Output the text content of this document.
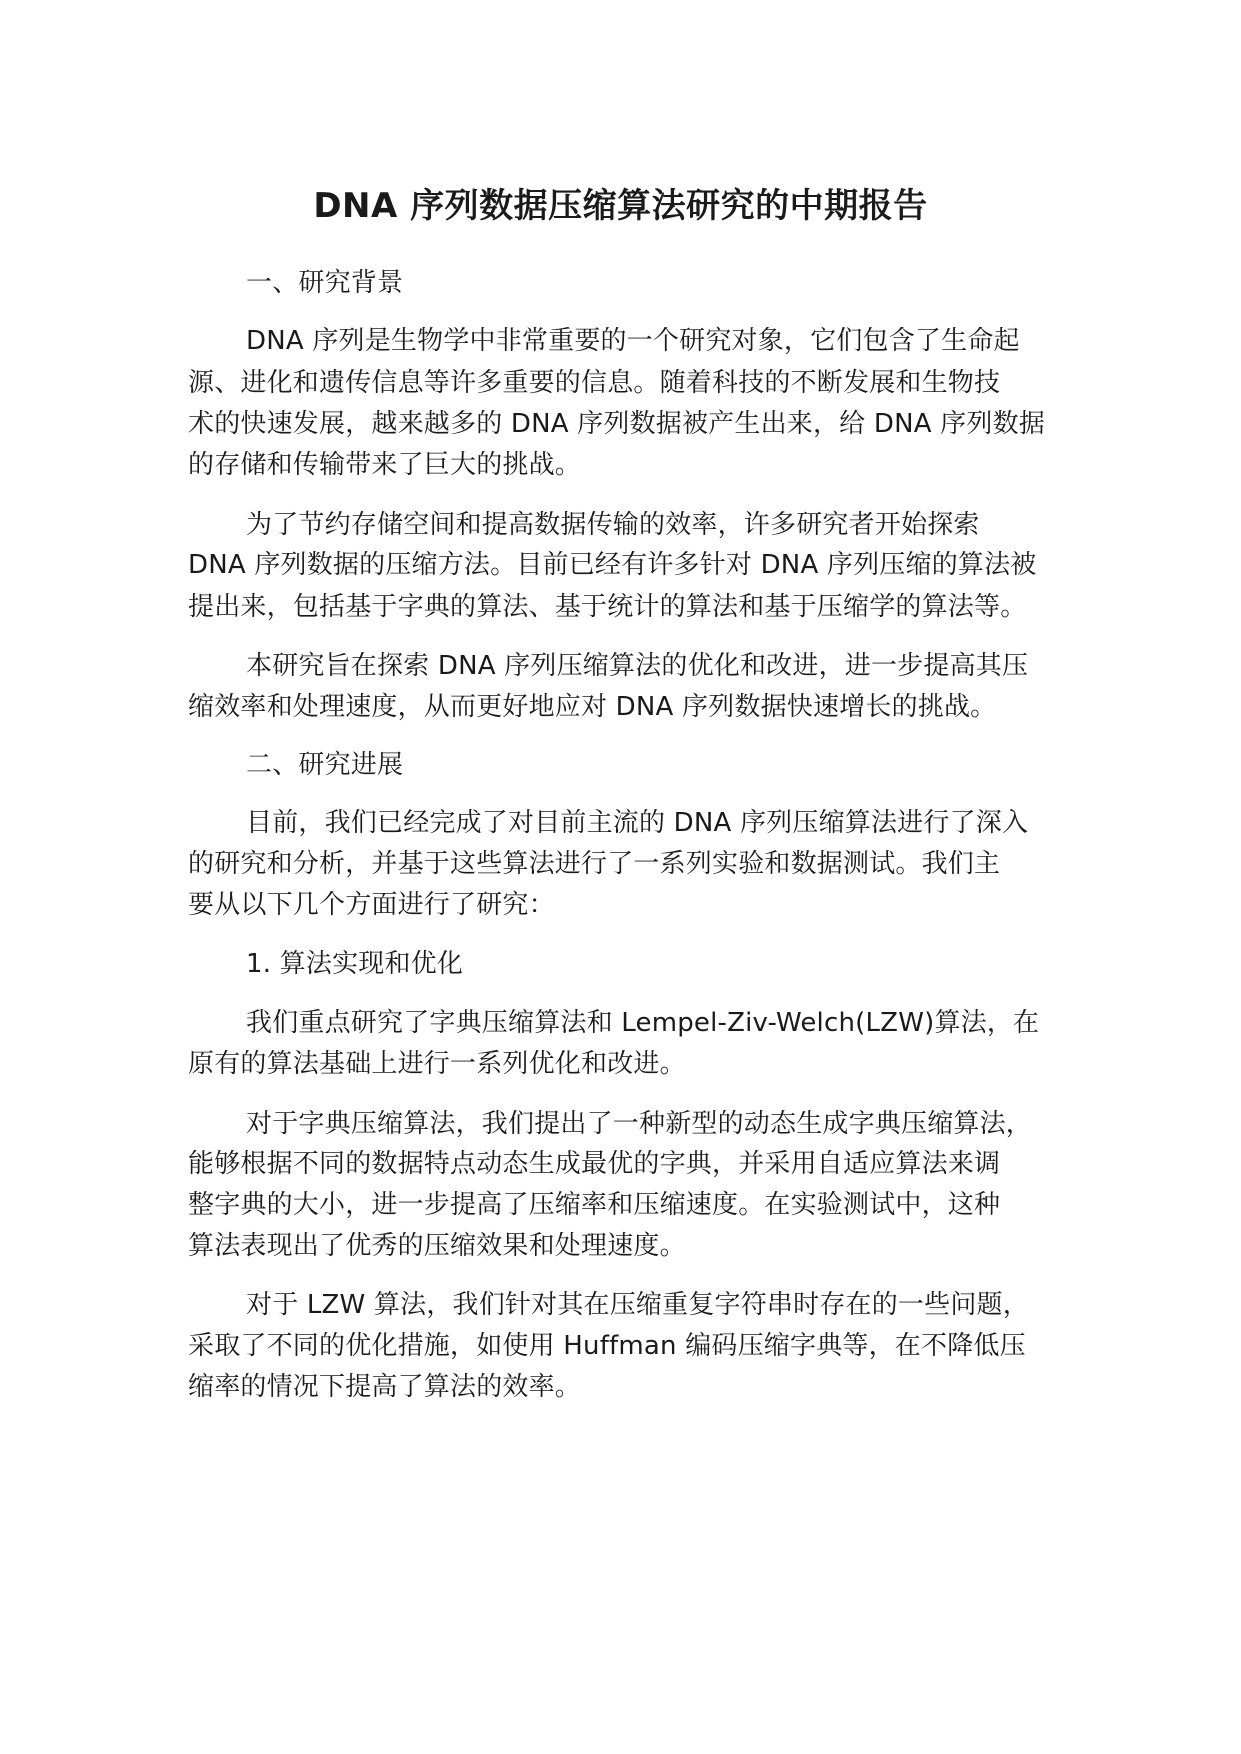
DNA 序列数据压缩算法研究的中期报告
一、研究背景
DNA 序列是生物学中非常重要的一个研究对象，它们包含了生命起
源、进化和遗传信息等许多重要的信息。随着科技的不断发展和生物技
术的快速发展，越来越多的 DNA 序列数据被产生出来，给 DNA 序列数据
的存储和传输带来了巨大的挑战。
为了节约存储空间和提高数据传输的效率，许多研究者开始探索
DNA 序列数据的压缩方法。目前已经有许多针对 DNA 序列压缩的算法被
提出来，包括基于字典的算法、基于统计的算法和基于压缩学的算法等。
本研究旨在探索 DNA 序列压缩算法的优化和改进，进一步提高其压
缩效率和处理速度，从而更好地应对 DNA 序列数据快速增长的挑战。
二、研究进展
目前，我们已经完成了对目前主流的 DNA 序列压缩算法进行了深入
的研究和分析，并基于这些算法进行了一系列实验和数据测试。我们主
要从以下几个方面进行了研究：
1. 算法实现和优化
我们重点研究了字典压缩算法和 Lempel-Ziv-Welch(LZW)算法，在
原有的算法基础上进行一系列优化和改进。
对于字典压缩算法，我们提出了一种新型的动态生成字典压缩算法，
能够根据不同的数据特点动态生成最优的字典，并采用自适应算法来调
整字典的大小，进一步提高了压缩率和压缩速度。在实验测试中，这种
算法表现出了优秀的压缩效果和处理速度。
对于 LZW 算法，我们针对其在压缩重复字符串时存在的一些问题，
采取了不同的优化措施，如使用 Huffman 编码压缩字典等，在不降低压
缩率的情况下提高了算法的效率。
